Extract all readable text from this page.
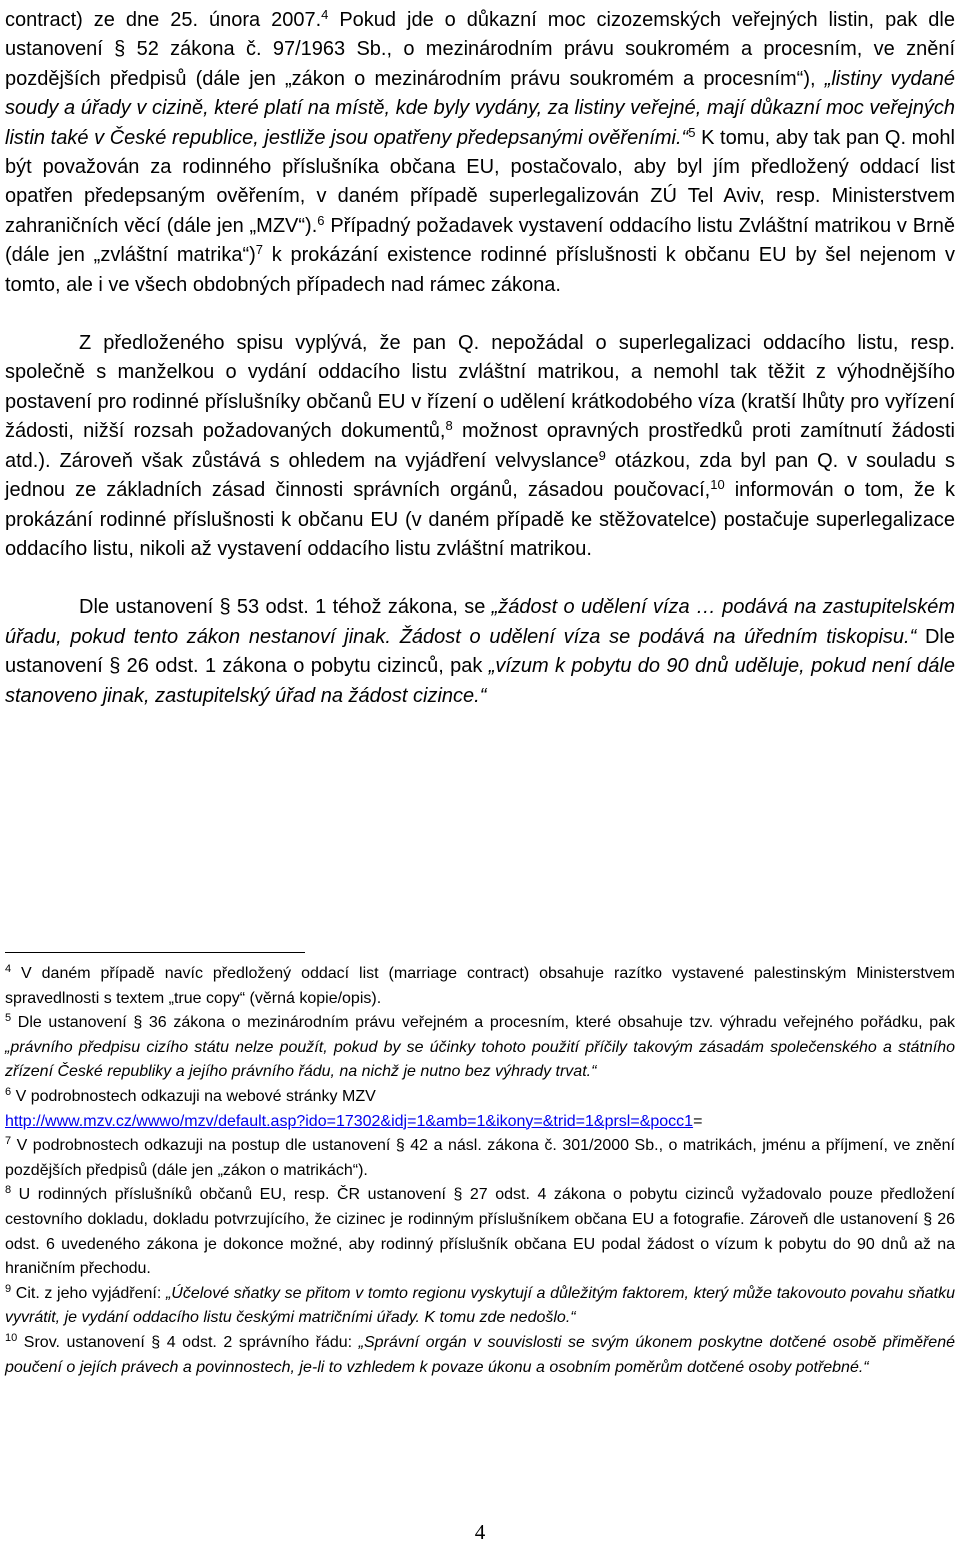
contract) ze dne 25. února 2007.$^4$ Pokud jde o důkazní moc cizozemských veřejných listin, pak dle ustanovení § 52 zákona č. 97/1963 Sb., o mezinárodním právu soukromém a procesním, ve znění pozdějších předpisů (dále jen „zákon o mezinárodním právu soukromém a procesním“), „listiny vydané soudy a úřady v cizině, které platí na místě, kde byly vydány, za listiny veřejné, mají důkazní moc veřejných listin také v České republice, jestliže jsou opatřeny předepsanými ověřeními.“$^5$ K tomu, aby tak pan Q. mohl být považován za rodinného příslušníka občana EU, postačovalo, aby byl jím předložený oddací list opatřen předepsaným ověřením, v daném případě superlegalizován ZÚ Tel Aviv, resp. Ministerstvem zahraničních věcí (dále jen „MZV“).$^6$ Případný požadavek vystavení oddacího listu Zvláštní matrikou v Brně (dále jen „zvláštní matrika“)$^7$ k prokázání existence rodinné příslušnosti k občanu EU by šel nejenom v tomto, ale i ve všech obdobných případech nad rámec zákona.

Z předloženého spisu vyplývá, že pan Q. nepožádal o superlegalizaci oddacího listu, resp. společně s manželkou o vydání oddacího listu zvláštní matrikou, a nemohl tak těžit z výhodnějšího postavení pro rodinné příslušníky občanů EU v řízení o udělení krátkodobého víza (kratší lhůty pro vyřízení žádosti, nižší rozsah požadovaných dokumentů,$^8$ možnost opravných prostředků proti zamítnutí žádosti atd.). Zároveň však zůstává s ohledem na vyjádření velvyslance$^9$ otázkou, zda byl pan Q. v souladu s jednou ze základních zásad činnosti správních orgánů, zásadou poučovací,$^{10}$ informován o tom, že k prokázání rodinné příslušnosti k občanu EU (v daném případě ke stěžovatelce) postačuje superlegalizace oddacího listu, nikoli až vystavení oddacího listu zvláštní matrikou.

Dle ustanovení § 53 odst. 1 téhož zákona, se „žádost o udělení víza … podává na zastupitelském úřadu, pokud tento zákon nestanoví jinak. Žádost o udělení víza se podává na úředním tiskopisu.“ Dle ustanovení § 26 odst. 1 zákona o pobytu cizinců, pak „vízum k pobytu do 90 dnů uděluje, pokud není dále stanoveno jinak, zastupitelský úřad na žádost cizince.“

$^4$ V daném případě navíc předložený oddací list (marriage contract) obsahuje razítko vystavené palestinským Ministerstvem spravedlnosti s textem „true copy“ (věrná kopie/opis).

$^5$ Dle ustanovení § 36 zákona o mezinárodním právu veřejném a procesním, které obsahuje tzv. výhradu veřejného pořádku, pak „právního předpisu cizího státu nelze použít, pokud by se účinky tohoto použití příčily takovým zásadám společenského a státního zřízení České republiky a jejího právního řádu, na nichž je nutno bez výhrady trvat.“

$^6$ V podrobnostech odkazuji na webové stránky MZV
http://www.mzv.cz/wwwo/mzv/default.asp?ido=17302&idj=1&amb=1&ikony=&trid=1&prsl=&pocc1=

$^7$ V podrobnostech odkazuji na postup dle ustanovení § 42 a násl. zákona č. 301/2000 Sb., o matrikách, jménu a příjmení, ve znění pozdějších předpisů (dále jen „zákon o matrikách“).

$^8$ U rodinných příslušníků občanů EU, resp. ČR ustanovení § 27 odst. 4 zákona o pobytu cizinců vyžadovalo pouze předložení cestovního dokladu, dokladu potvrzujícího, že cizinec je rodinným příslušníkem občana EU a fotografie. Zároveň dle ustanovení § 26 odst. 6 uvedeného zákona je dokonce možné, aby rodinný příslušník občana EU podal žádost o vízum k pobytu do 90 dnů až na hraničním přechodu.

$^9$ Cit. z jeho vyjádření: „Účelové sňatky se přitom v tomto regionu vyskytují a důležitým faktorem, který může takovouto povahu sňatku vyvrátit, je vydání oddacího listu českými matričními úřady. K tomu zde nedošlo.“

$^{10}$ Srov. ustanovení § 4 odst. 2 správního řádu: „Správní orgán v souvislosti se svým úkonem poskytne dotčené osobě přiměřené poučení o jejích právech a povinnostech, je-li to vzhledem k povaze úkonu a osobním poměrům dotčené osoby potřebné.“

4
